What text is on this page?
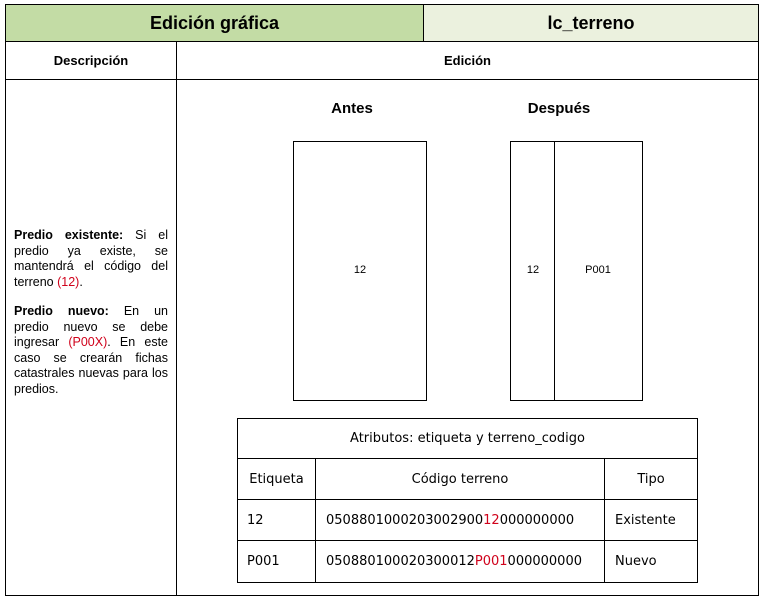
Edición gráfica	lc_terreno
Descripción	Edición

Predio existente: Si el predio ya existe, se mantendrá el código del terreno (12).

Predio nuevo: En un predio nuevo se debe ingresar (P00X). En este caso se crearán fichas catastrales nuevas para los predios.

Antes	Después
12	12	P001
Atributos: etiqueta y terreno_codigo
Etiqueta	Código terreno	Tipo
12	0508801000203002900 12 000000000	Existente
P001	050880100020300012 P001 000000000	Nuevo
